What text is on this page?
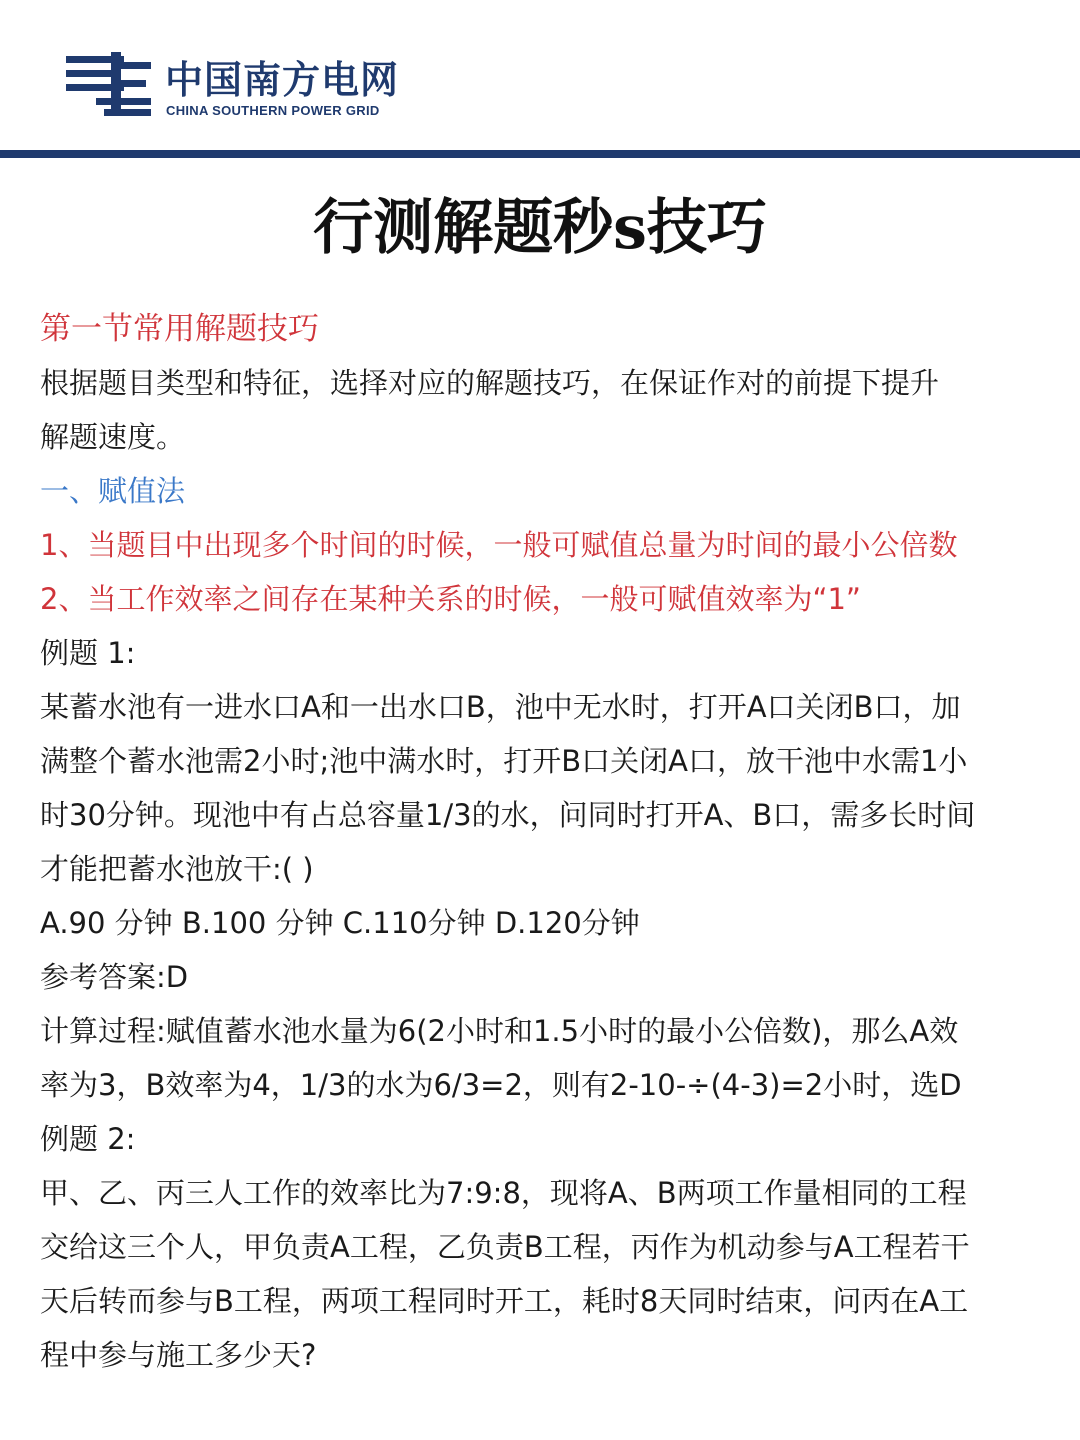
中国南方电网
CHINA SOUTHERN POWER GRID
行测解题秒s技巧
第一节常用解题技巧
根据题目类型和特征，选择对应的解题技巧，在保证作对的前提下提升
解题速度。
一、赋值法
1、当题目中出现多个时间的时候，一般可赋值总量为时间的最小公倍数
2、当工作效率之间存在某种关系的时候，一般可赋值效率为“1”
例题 1:
某蓄水池有一进水口A和一出水口B，池中无水时，打开A口关闭B口，加
满整个蓄水池需2小时;池中满水时，打开B口关闭A口，放干池中水需1小
时30分钟。现池中有占总容量1/3的水，问同时打开A、B口，需多长时间
才能把蓄水池放干:( )
A.90 分钟 B.100 分钟 C.110分钟 D.120分钟
参考答案:D
计算过程:赋值蓄水池水量为6(2小时和1.5小时的最小公倍数)，那么A效
率为3，B效率为4，1/3的水为6/3=2，则有2-10-÷(4-3)=2小时，选D
例题 2:
甲、乙、丙三人工作的效率比为7:9:8，现将A、B两项工作量相同的工程
交给这三个人，甲负责A工程，乙负责B工程，丙作为机动参与A工程若干
天后转而参与B工程，两项工程同时开工，耗时8天同时结束，问丙在A工
程中参与施工多少天?
